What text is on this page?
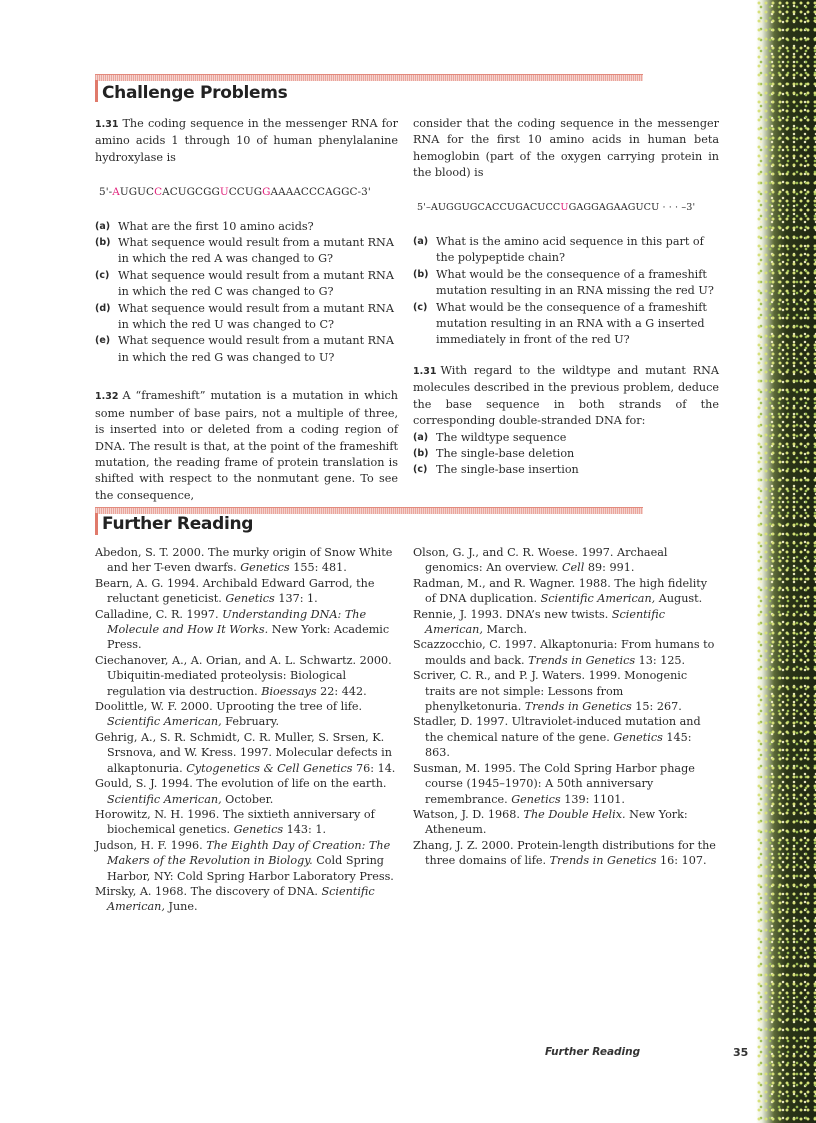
Challenge Problems

1.31 The coding sequence in the messenger RNA for amino acids 1 through 10 of human phenylalanine hydroxylase is

5'-AUGUCCACUGCGGUCCUGGAAAACCCAGGC-3'
(a) What are the first 10 amino acids?
(b) What sequence would result from a mutant RNA in which the red A was changed to G?
(c) What sequence would result from a mutant RNA in which the red C was changed to G?
(d) What sequence would result from a mutant RNA in which the red U was changed to C?
(e) What sequence would result from a mutant RNA in which the red G was changed to U?

1.32 A “frameshift” mutation is a mutation in which some number of base pairs, not a multiple of three, is inserted into or deleted from a coding region of DNA. The result is that, at the point of the frameshift mutation, the reading frame of protein translation is shifted with respect to the nonmutant gene. To see the consequence,

consider that the coding sequence in the messenger RNA for the first 10 amino acids in human beta hemoglobin (part of the oxygen carrying protein in the blood) is

5'–AUGGUGCACCUGACUCCUGAGGAGAAGUCU · · · –3'
(a) What is the amino acid sequence in this part of the polypeptide chain?
(b) What would be the consequence of a frameshift mutation resulting in an RNA missing the red U?
(c) What would be the consequence of a frameshift mutation resulting in an RNA with a G inserted immediately in front of the red U?

1.31 With regard to the wildtype and mutant RNA molecules described in the previous problem, deduce the base sequence in both strands of the corresponding double-stranded DNA for:

(a) The wildtype sequence
(b) The single-base deletion
(c) The single-base insertion
Further Reading

Abedon, S. T. 2000. The murky origin of Snow White and her T-even dwarfs. Genetics 155: 481.

Bearn, A. G. 1994. Archibald Edward Garrod, the reluctant geneticist. Genetics 137: 1.

Calladine, C. R. 1997. Understanding DNA: The Molecule and How It Works. New York: Academic Press.

Ciechanover, A., A. Orian, and A. L. Schwartz. 2000. Ubiquitin-mediated proteolysis: Biological regulation via destruction. Bioessays 22: 442.

Doolittle, W. F. 2000. Uprooting the tree of life. Scientific American, February.

Gehrig, A., S. R. Schmidt, C. R. Muller, S. Srsen, K. Srsnova, and W. Kress. 1997. Molecular defects in alkaptonuria. Cytogenetics & Cell Genetics 76: 14.

Gould, S. J. 1994. The evolution of life on the earth. Scientific American, October.

Horowitz, N. H. 1996. The sixtieth anniversary of biochemical genetics. Genetics 143: 1.

Judson, H. F. 1996. The Eighth Day of Creation: The Makers of the Revolution in Biology. Cold Spring Harbor, NY: Cold Spring Harbor Laboratory Press.

Mirsky, A. 1968. The discovery of DNA. Scientific American, June.

Olson, G. J., and C. R. Woese. 1997. Archaeal genomics: An overview. Cell 89: 991.

Radman, M., and R. Wagner. 1988. The high fidelity of DNA duplication. Scientific American, August.

Rennie, J. 1993. DNA’s new twists. Scientific American, March.

Scazzocchio, C. 1997. Alkaptonuria: From humans to moulds and back. Trends in Genetics 13: 125.

Scriver, C. R., and P. J. Waters. 1999. Monogenic traits are not simple: Lessons from phenylketonuria. Trends in Genetics 15: 267.

Stadler, D. 1997. Ultraviolet-induced mutation and the chemical nature of the gene. Genetics 145: 863.

Susman, M. 1995. The Cold Spring Harbor phage course (1945–1970): A 50th anniversary remembrance. Genetics 139: 1101.

Watson, J. D. 1968. The Double Helix. New York: Atheneum.

Zhang, J. Z. 2000. Protein-length distributions for the three domains of life. Trends in Genetics 16: 107.

Further Reading	35
